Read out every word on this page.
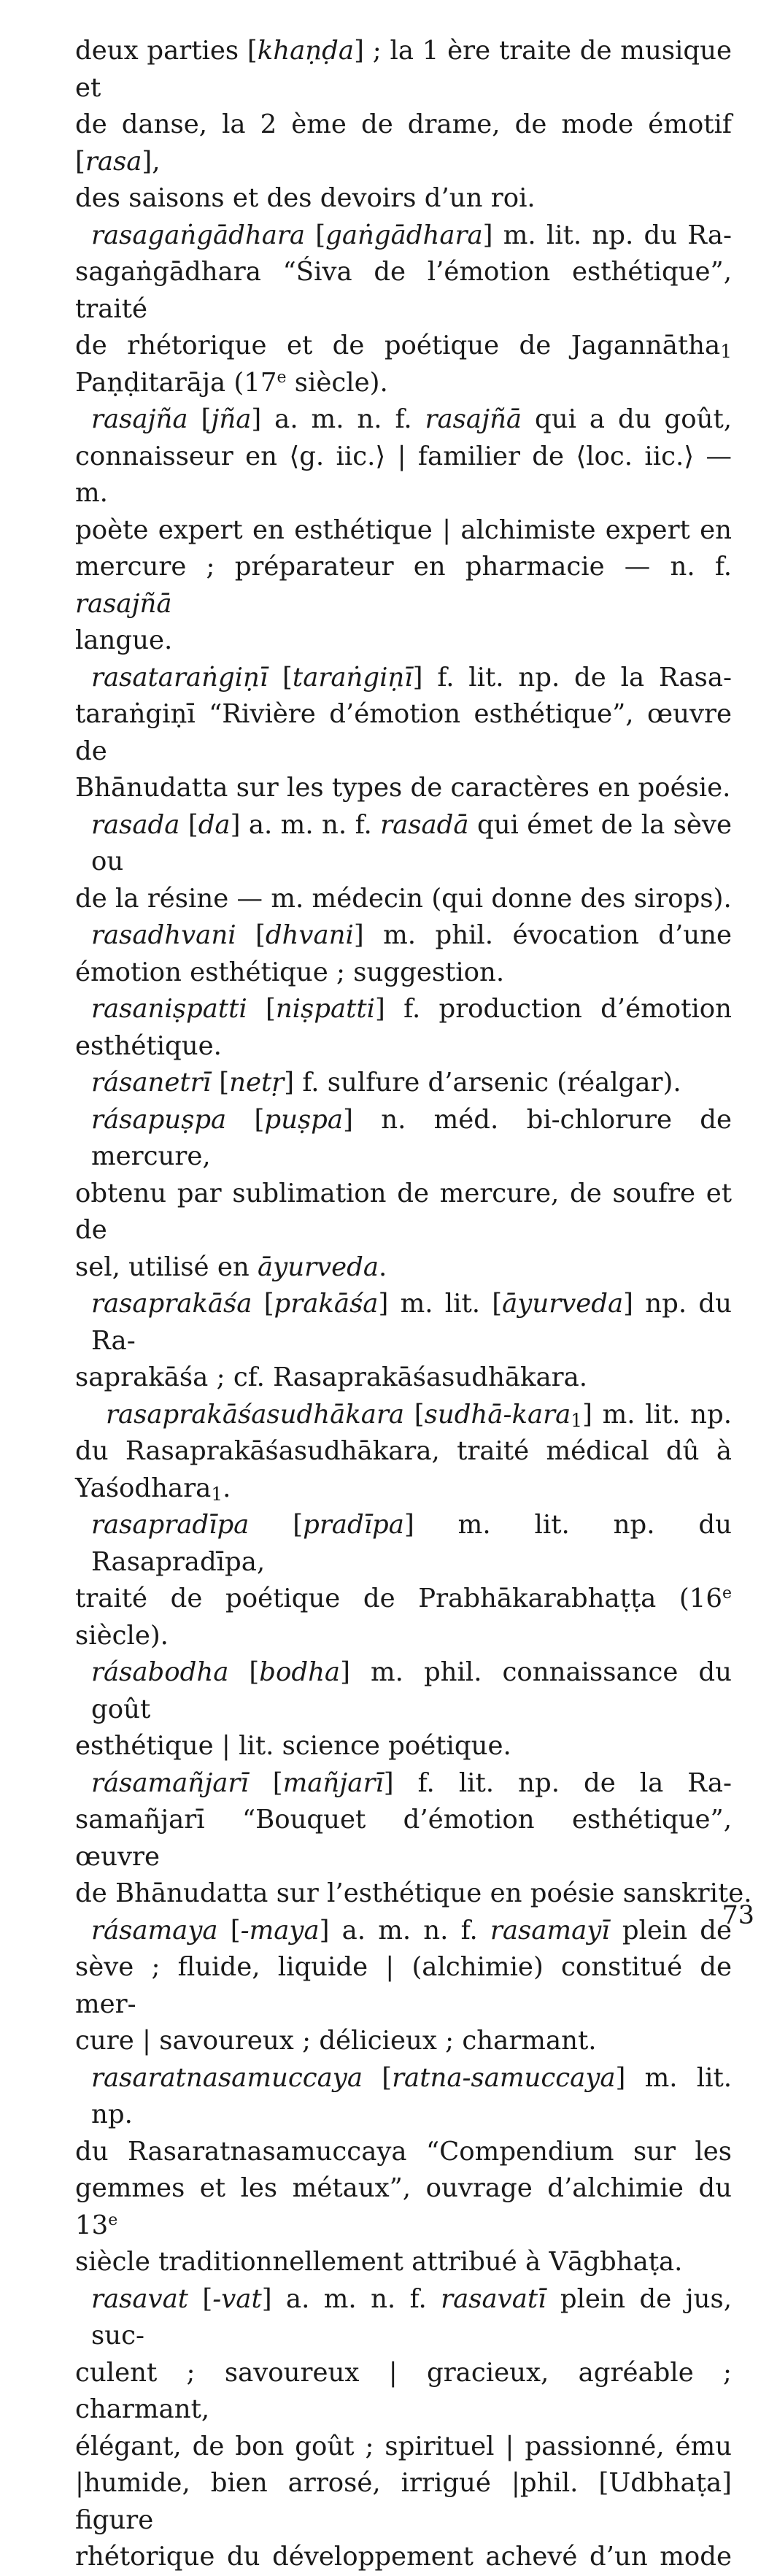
deux parties [khaṇḍa] ; la 1 ère traite de musique et
de danse, la 2 ème de drame, de mode émotif [rasa],
des saisons et des devoirs d’un roi.
rasagaṅgādhara [gaṅgādhara] m. lit. np. du Ra-
sagaṅgādhara “Śiva de l’émotion esthétique”, traité
de rhétorique et de poétique de Jagannātha$_1$
Paṇḍitarāja (17e siècle).
rasajña [jña] a. m. n. f. rasajñā qui a du goût,
connaisseur en ⟨g. iic.⟩ | familier de ⟨loc. iic.⟩ — m.
poète expert en esthétique | alchimiste expert en
mercure ; préparateur en pharmacie — n. f. rasajñā
langue.
rasataraṅgiṇī [taraṅgiṇī] f. lit. np. de la Rasa-
taraṅgiṇī “Rivière d’émotion esthétique”, œuvre de
Bhānudatta sur les types de caractères en poésie.
rasada [da] a. m. n. f. rasadā qui émet de la sève ou
de la résine — m. médecin (qui donne des sirops).
rasadhvani [dhvani] m. phil. évocation d’une
émotion esthétique ; suggestion.
rasaniṣpatti [niṣpatti] f. production d’émotion
esthétique.
rásanetrī [netṛ] f. sulfure d’arsenic (réalgar).
rásapuṣpa [puṣpa] n. méd. bi-chlorure de mercure,
obtenu par sublimation de mercure, de soufre et de
sel, utilisé en āyurveda.
rasaprakāśa [prakāśa] m. lit. [āyurveda] np. du Ra-
saprakāśa ; cf. Rasaprakāśasudhākara.
rasaprakāśasudhākara [sudhā-kara$_1$] m. lit. np.
du Rasaprakāśasudhākara, traité médical dû à
Yaśodhara$_1$.
rasapradīpa [pradīpa] m. lit. np. du Rasapradīpa,
traité de poétique de Prabhākarabhaṭṭa (16e
siècle).
rásabodha [bodha] m. phil. connaissance du goût
esthétique | lit. science poétique.
rásamañjarī [mañjarī] f. lit. np. de la Ra-
samañjarī “Bouquet d’émotion esthétique”, œuvre
de Bhānudatta sur l’esthétique en poésie sanskrite.
rásamaya [-maya] a. m. n. f. rasamayī plein de
sève ; fluide, liquide | (alchimie) constitué de mer-
cure | savoureux ; délicieux ; charmant.
rasaratnasamuccaya [ratna-samuccaya] m. lit. np.
du Rasaratnasamuccaya “Compendium sur les
gemmes et les métaux”, ouvrage d’alchimie du 13e
siècle traditionnellement attribué à Vāgbhaṭa.
rasavat [-vat] a. m. n. f. rasavatī plein de jus, suc-
culent ; savoureux | gracieux, agréable ; charmant,
élégant, de bon goût ; spirituel | passionné, ému
|humide, bien arrosé, irrigué |phil. [Udbhaṭa] figure
rhétorique du développement achevé d’un mode
73
